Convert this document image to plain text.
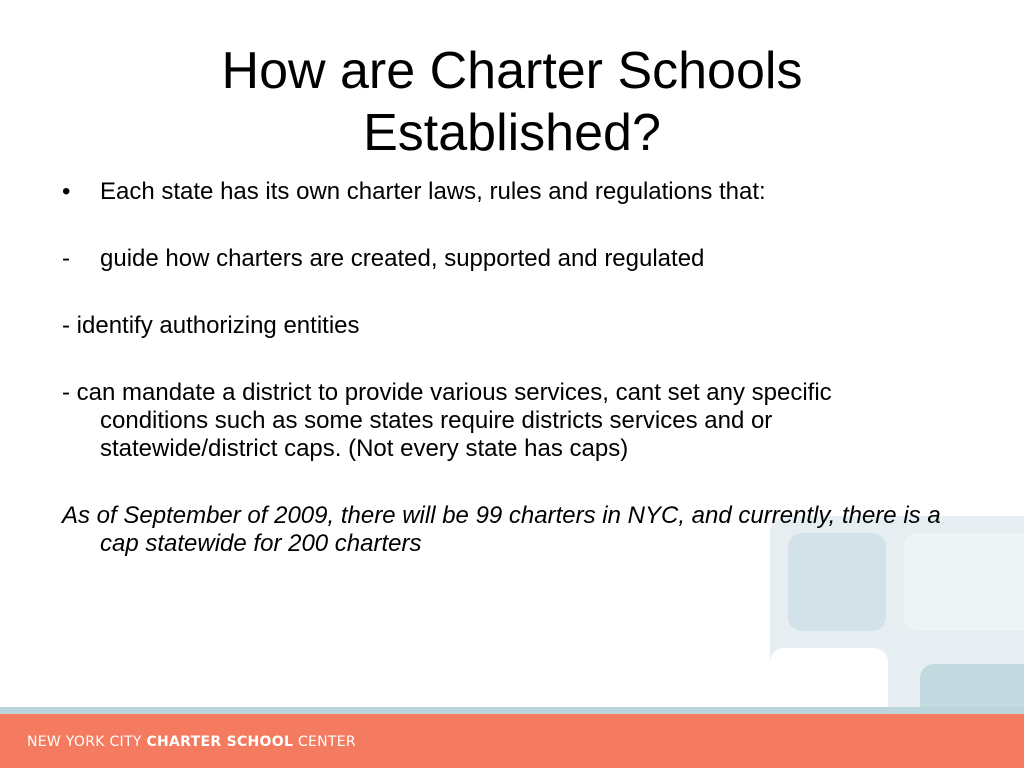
How are Charter Schools
Established?

• Each state has its own charter laws, rules and regulations that:

- guide how charters are created, supported and regulated

- identify authorizing entities

- can mandate a district to provide various services, cant set any specific conditions such as some states require districts services and or statewide/district caps. (Not every state has caps)

As of September of 2009, there will be 99 charters in NYC, and currently, there is a cap statewide for 200 charters

NEW YORK CITY CHARTER SCHOOL CENTER
